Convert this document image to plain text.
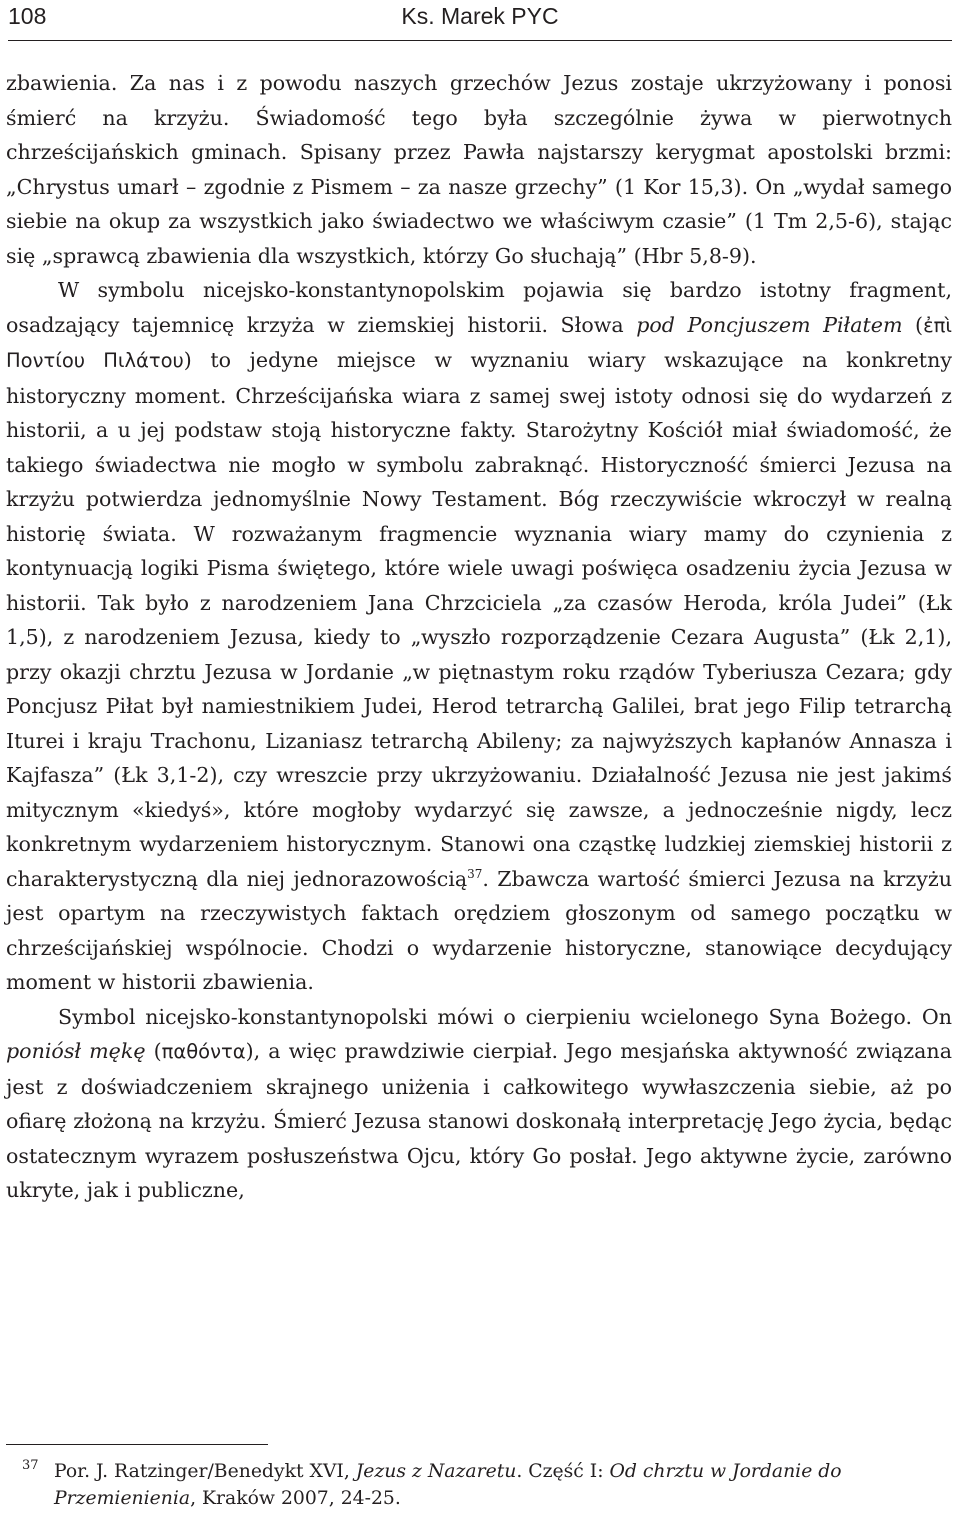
108	Ks. Marek PYC

zbawienia. Za nas i z powodu naszych grzechów Jezus zostaje ukrzyżowany i ponosi śmierć na krzyżu. Świadomość tego była szczególnie żywa w pierwotnych chrześcijańskich gminach. Spisany przez Pawła najstarszy kerygmat apostolski brzmi: „Chrystus umarł – zgodnie z Pismem – za nasze grzechy” (1 Kor 15,3). On „wydał samego siebie na okup za wszystkich jako świadectwo we właściwym czasie” (1 Tm 2,5-6), stając się „sprawcą zbawienia dla wszystkich, którzy Go słuchają” (Hbr 5,8-9).

W symbolu nicejsko-konstantynopolskim pojawia się bardzo istotny fragment, osadzający tajemnicę krzyża w ziemskiej historii. Słowa pod Poncjuszem Piłatem (ἐπὶ Ποντίου Πιλάτου) to jedyne miejsce w wyznaniu wiary wskazujące na konkretny historyczny moment. Chrześcijańska wiara z samej swej istoty odnosi się do wydarzeń z historii, a u jej podstaw stoją historyczne fakty. Starożytny Kościół miał świadomość, że takiego świadectwa nie mogło w symbolu zabraknąć. Historyczność śmierci Jezusa na krzyżu potwierdza jednomyślnie Nowy Testament. Bóg rzeczywiście wkroczył w realną historię świata. W rozważanym fragmencie wyznania wiary mamy do czynienia z kontynuacją logiki Pisma świętego, które wiele uwagi poświęca osadzeniu życia Jezusa w historii. Tak było z narodzeniem Jana Chrzciciela „za czasów Heroda, króla Judei” (Łk 1,5), z narodzeniem Jezusa, kiedy to „wyszło rozporządzenie Cezara Augusta” (Łk 2,1), przy okazji chrztu Jezusa w Jordanie „w piętnastym roku rządów Tyberiusza Cezara; gdy Poncjusz Piłat był namiestnikiem Judei, Herod tetrarchą Galilei, brat jego Filip tetrarchą Iturei i kraju Trachonu, Lizaniasz tetrarchą Abileny; za najwyższych kapłanów Annasza i Kajfasza” (Łk 3,1-2), czy wreszcie przy ukrzyżowaniu. Działalność Jezusa nie jest jakimś mitycznym «kiedyś», które mogłoby wydarzyć się zawsze, a jednocześnie nigdy, lecz konkretnym wydarzeniem historycznym. Stanowi ona cząstkę ludzkiej ziemskiej historii z charakterystyczną dla niej jednorazowością$^{37}$. Zbawcza wartość śmierci Jezusa na krzyżu jest opartym na rzeczywistych faktach orędziem głoszonym od samego początku w chrześcijańskiej wspólnocie. Chodzi o wydarzenie historyczne, stanowiące decydujący moment w historii zbawienia.

Symbol nicejsko-konstantynopolski mówi o cierpieniu wcielonego Syna Bożego. On poniósł mękę (παθόντα), a więc prawdziwie cierpiał. Jego mesjańska aktywność związana jest z doświadczeniem skrajnego uniżenia i całkowitego wywłaszczenia siebie, aż po ofiarę złożoną na krzyżu. Śmierć Jezusa stanowi doskonałą interpretację Jego życia, będąc ostatecznym wyrazem posłuszeństwa Ojcu, który Go posłał. Jego aktywne życie, zarówno ukryte, jak i publiczne,

37 Por. J. Ratzinger/Benedykt XVI, Jezus z Nazaretu. Część I: Od chrztu w Jordanie do Przemienienia, Kraków 2007, 24-25.
